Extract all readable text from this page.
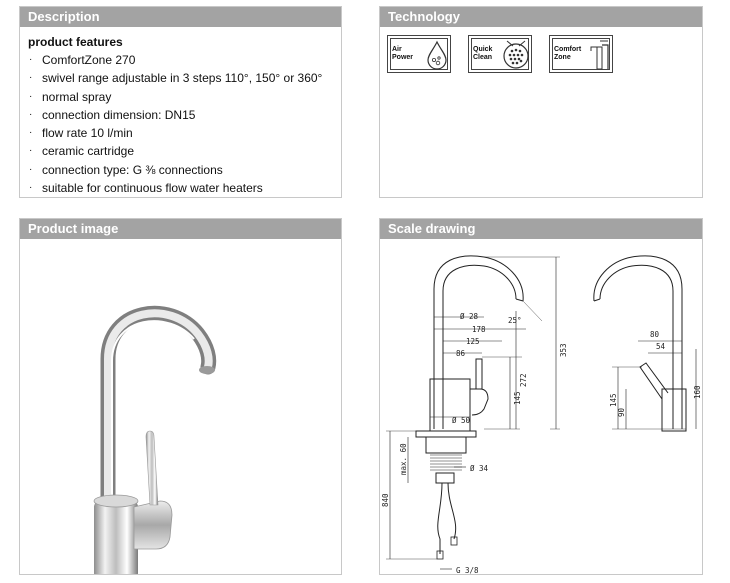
Description
product features
· ComfortZone 270
· swivel range adjustable in 3 steps 110°, 150° or 360°
· normal spray
· connection dimension: DN15
· flow rate 10 l/min
· ceramic cartridge
· connection type: G ⅜ connections
· suitable for continuous flow water heaters
Technology
Air
Power
Quick
Clean
Comfort
Zone
Product image	Scale drawing
Ø 28
178
125
86
25°
Ø 50
Ø 34
G 3/8
80
54
353
272
145
840
max. 60
145
90
160
